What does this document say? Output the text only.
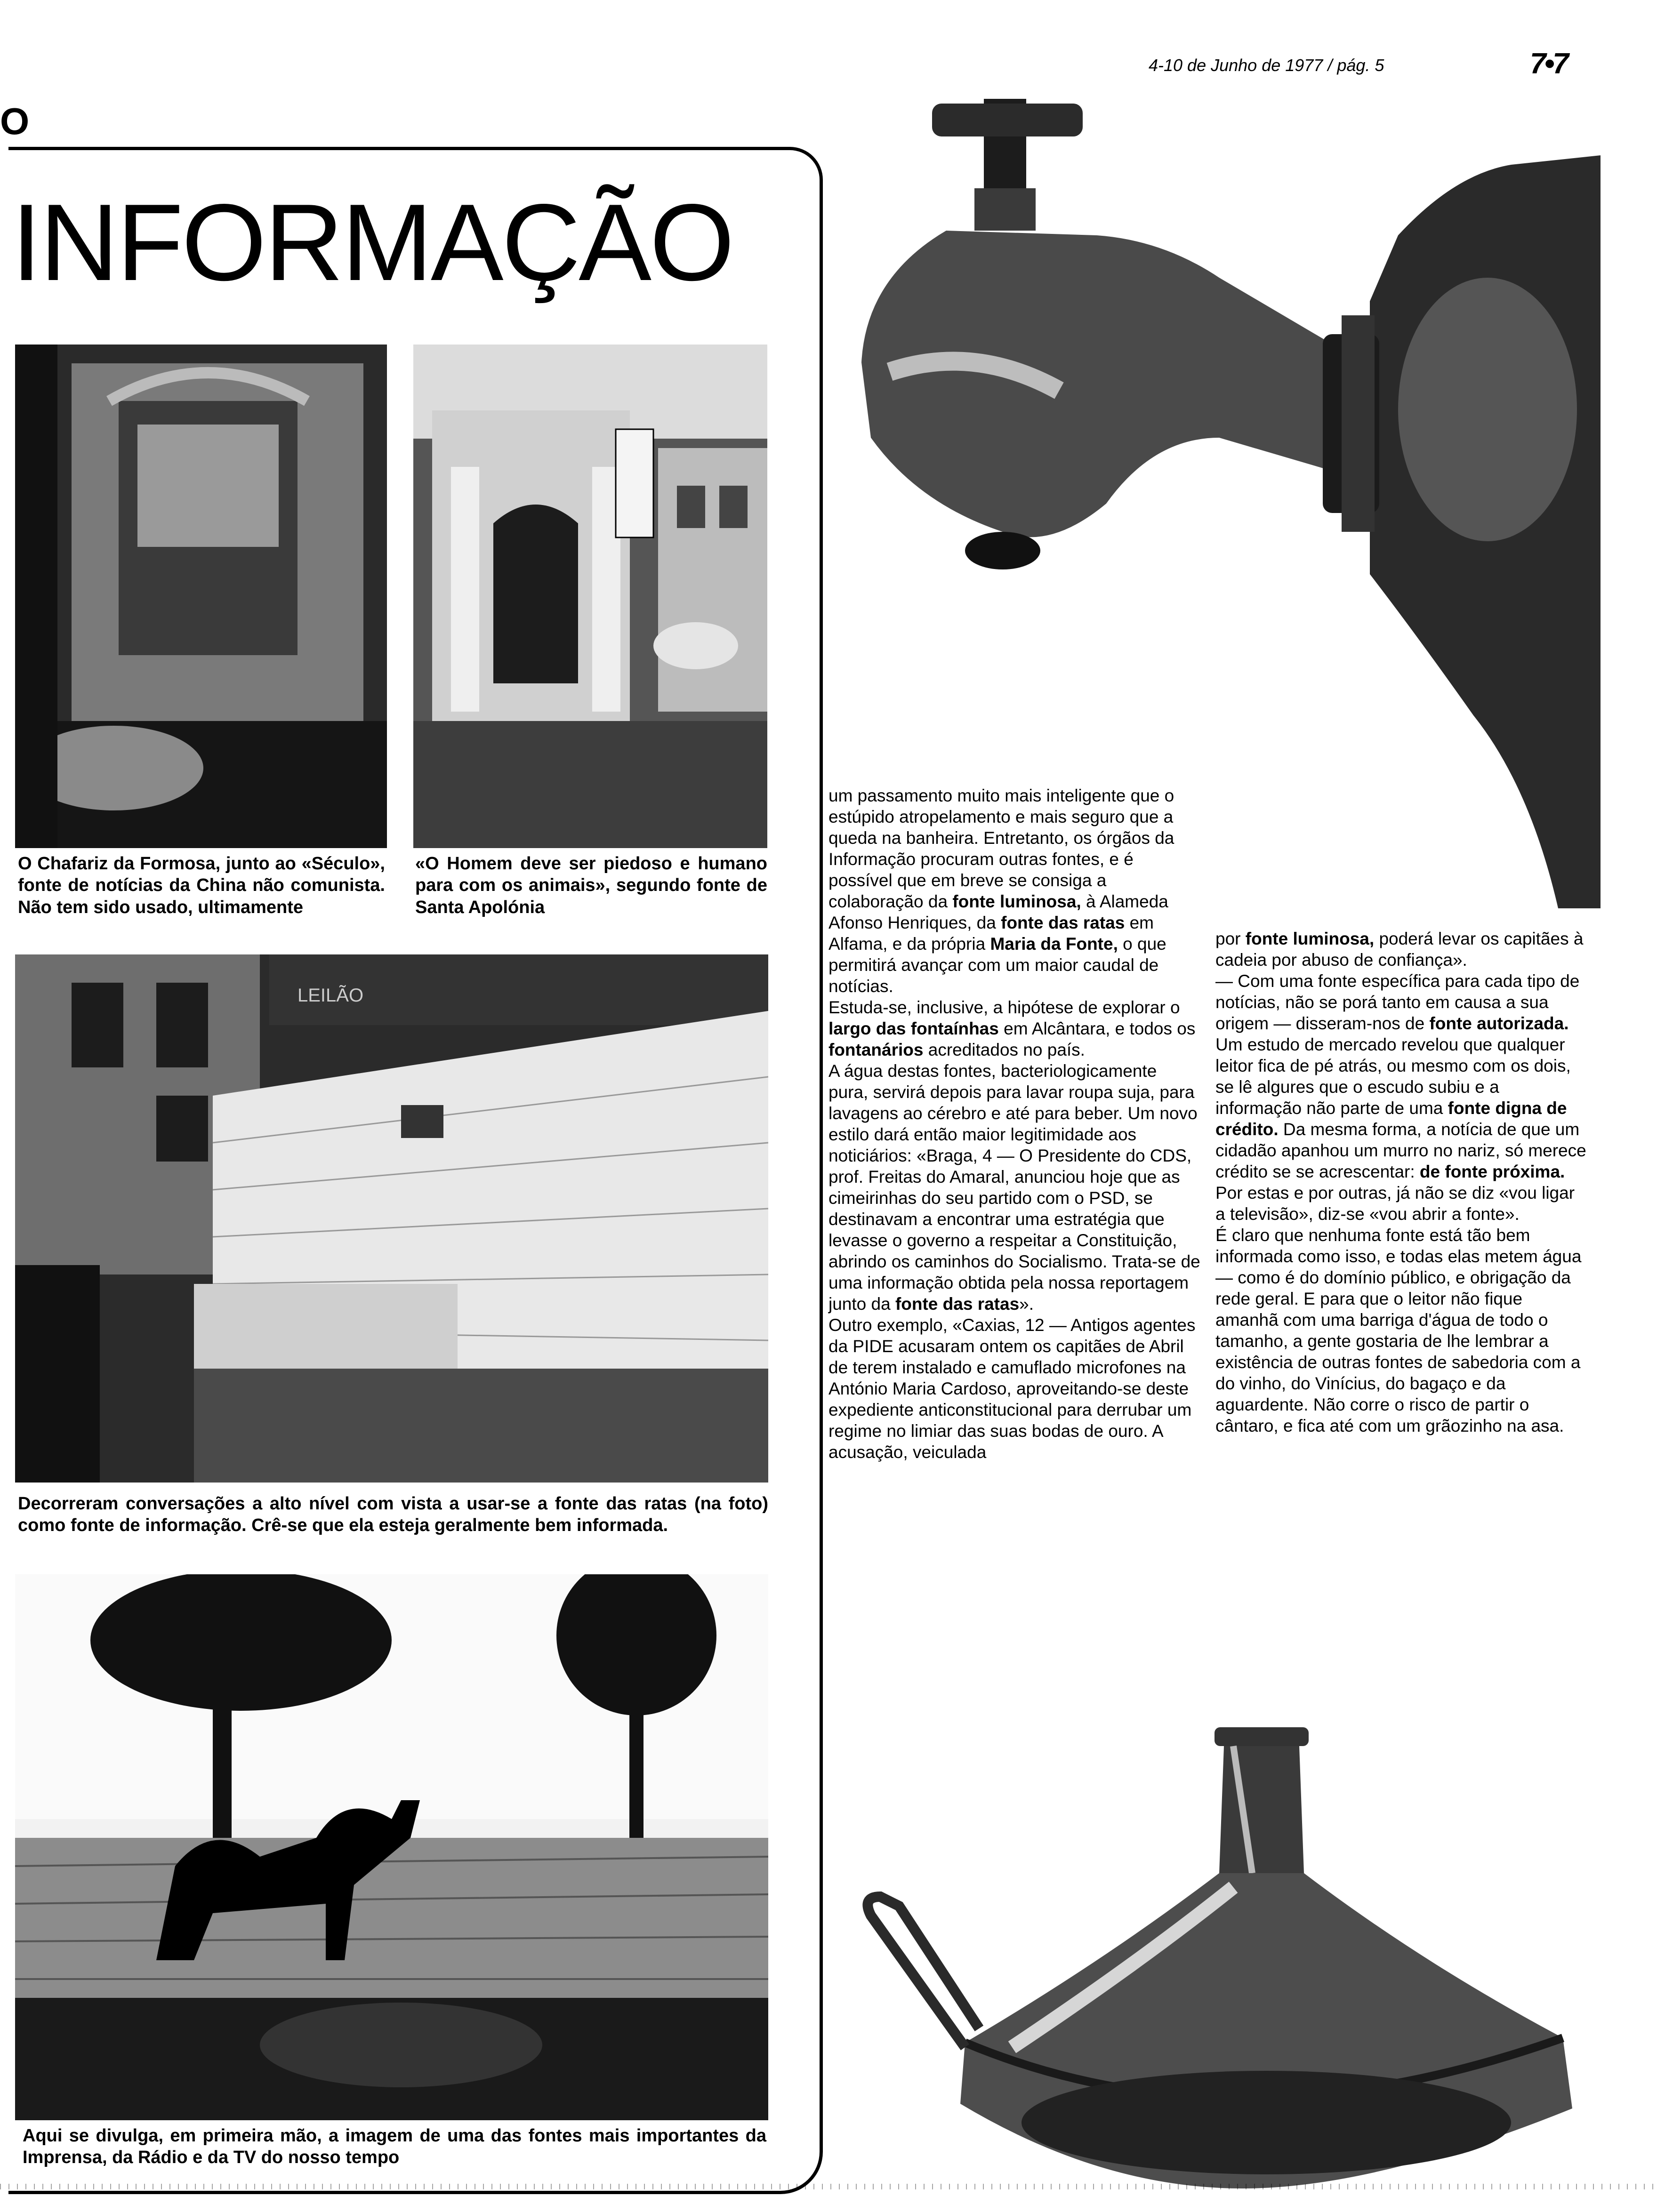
4-10 de Junho de 1977 / pág. 5	7•7
O
INFORMAÇÃO
O Chafariz da Formosa, junto ao «Século», fonte de notícias da China não comunista. Não tem sido usado, ultimamente
«O Homem deve ser piedoso e humano para com os animais», segundo fonte de Santa Apolónia
LEILÃO
Decorreram conversações a alto nível com vista a usar-se a fonte das ratas (na foto) como fonte de informação. Crê-se que ela esteja geralmente bem informada.
Aqui se divulga, em primeira mão, a imagem de uma das fontes mais importantes da Imprensa, da Rádio e da TV do nosso tempo

um passamento muito mais inteligente que o estúpido atropelamento e mais seguro que a queda na banheira. Entretanto, os órgãos da Informação procuram outras fontes, e é possível que em breve se consiga a colaboração da fonte luminosa, à Alameda Afonso Henriques, da fonte das ratas em Alfama, e da própria Maria da Fonte, o que permitirá avançar com um maior caudal de notícias.

Estuda-se, inclusive, a hipótese de explorar o largo das fontaínhas em Alcântara, e todos os fontanários acreditados no país.

A água destas fontes, bacteriologicamente pura, servirá depois para lavar roupa suja, para lavagens ao cérebro e até para beber. Um novo estilo dará então maior legitimidade aos noticiários: «Braga, 4 — O Presidente do CDS, prof. Freitas do Amaral, anunciou hoje que as cimeirinhas do seu partido com o PSD, se destinavam a encontrar uma estratégia que levasse o governo a respeitar a Constituição, abrindo os caminhos do Socialismo. Trata-se de uma informação obtida pela nossa reportagem junto da fonte das ratas».

Outro exemplo, «Caxias, 12 — Antigos agentes da PIDE acusaram ontem os capitães de Abril de terem instalado e camuflado microfones na António Maria Cardoso, aproveitando-se deste expediente anticonstitucional para derrubar um regime no limiar das suas bodas de ouro. A acusação, veiculada

por fonte luminosa, poderá levar os capitães à cadeia por abuso de confiança».

— Com uma fonte específica para cada tipo de notícias, não se porá tanto em causa a sua origem — disseram-nos de fonte autorizada. Um estudo de mercado revelou que qualquer leitor fica de pé atrás, ou mesmo com os dois, se lê algures que o escudo subiu e a informação não parte de uma fonte digna de crédito. Da mesma forma, a notícia de que um cidadão apanhou um murro no nariz, só merece crédito se se acrescentar: de fonte próxima.

Por estas e por outras, já não se diz «vou ligar a televisão», diz-se «vou abrir a fonte».

É claro que nenhuma fonte está tão bem informada como isso, e todas elas metem água — como é do domínio público, e obrigação da rede geral. E para que o leitor não fique amanhã com uma barriga d'água de todo o tamanho, a gente gostaria de lhe lembrar a existência de outras fontes de sabedoria com a do vinho, do Vinícius, do bagaço e da aguardente. Não corre o risco de partir o cântaro, e fica até com um grãozinho na asa.
